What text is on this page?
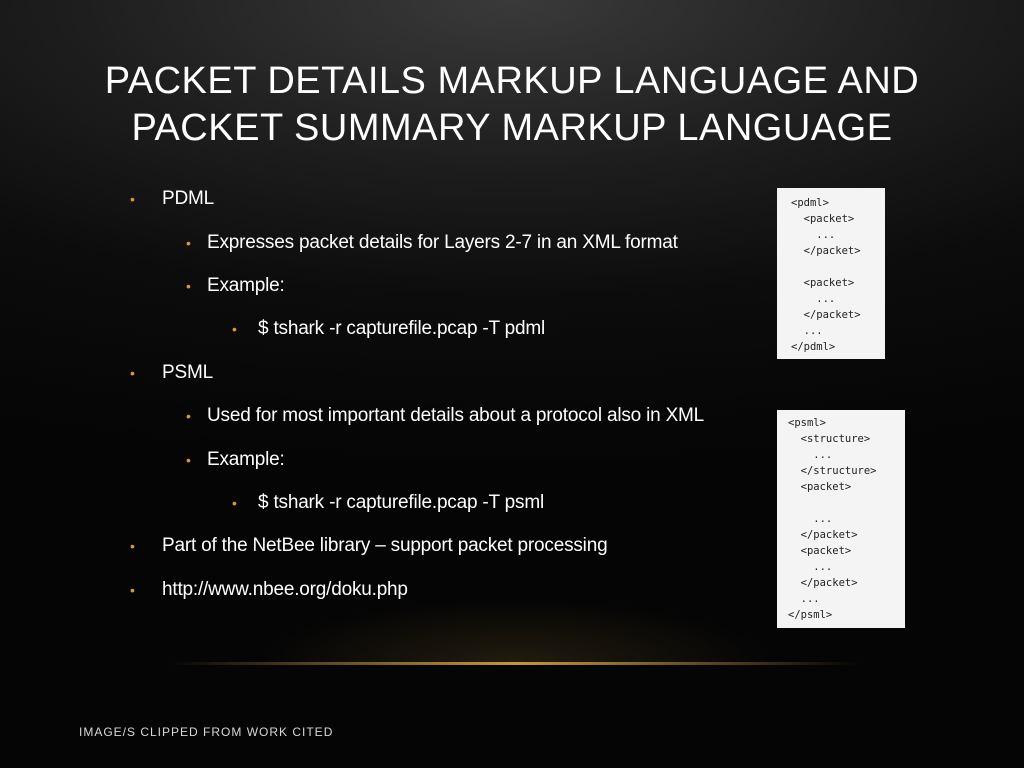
PACKET DETAILS MARKUP LANGUAGE AND
PACKET SUMMARY MARKUP LANGUAGE
• PDML
• Expresses packet details for Layers 2-7 in an XML format
• Example:
• $ tshark -r capturefile.pcap -T pdml
• PSML
• Used for most important details about a protocol also in XML
• Example:
• $ tshark -r capturefile.pcap -T psml
• Part of the NetBee library – support packet processing
• http://www.nbee.org/doku.php
<pdml>
<packet>
...
</packet>

<packet>
...
</packet>
...
</pdml>
<psml>
<structure>
...
</structure>
<packet>

...
</packet>
<packet>
...
</packet>
...
</psml>
IMAGE/S CLIPPED FROM WORK CITED
